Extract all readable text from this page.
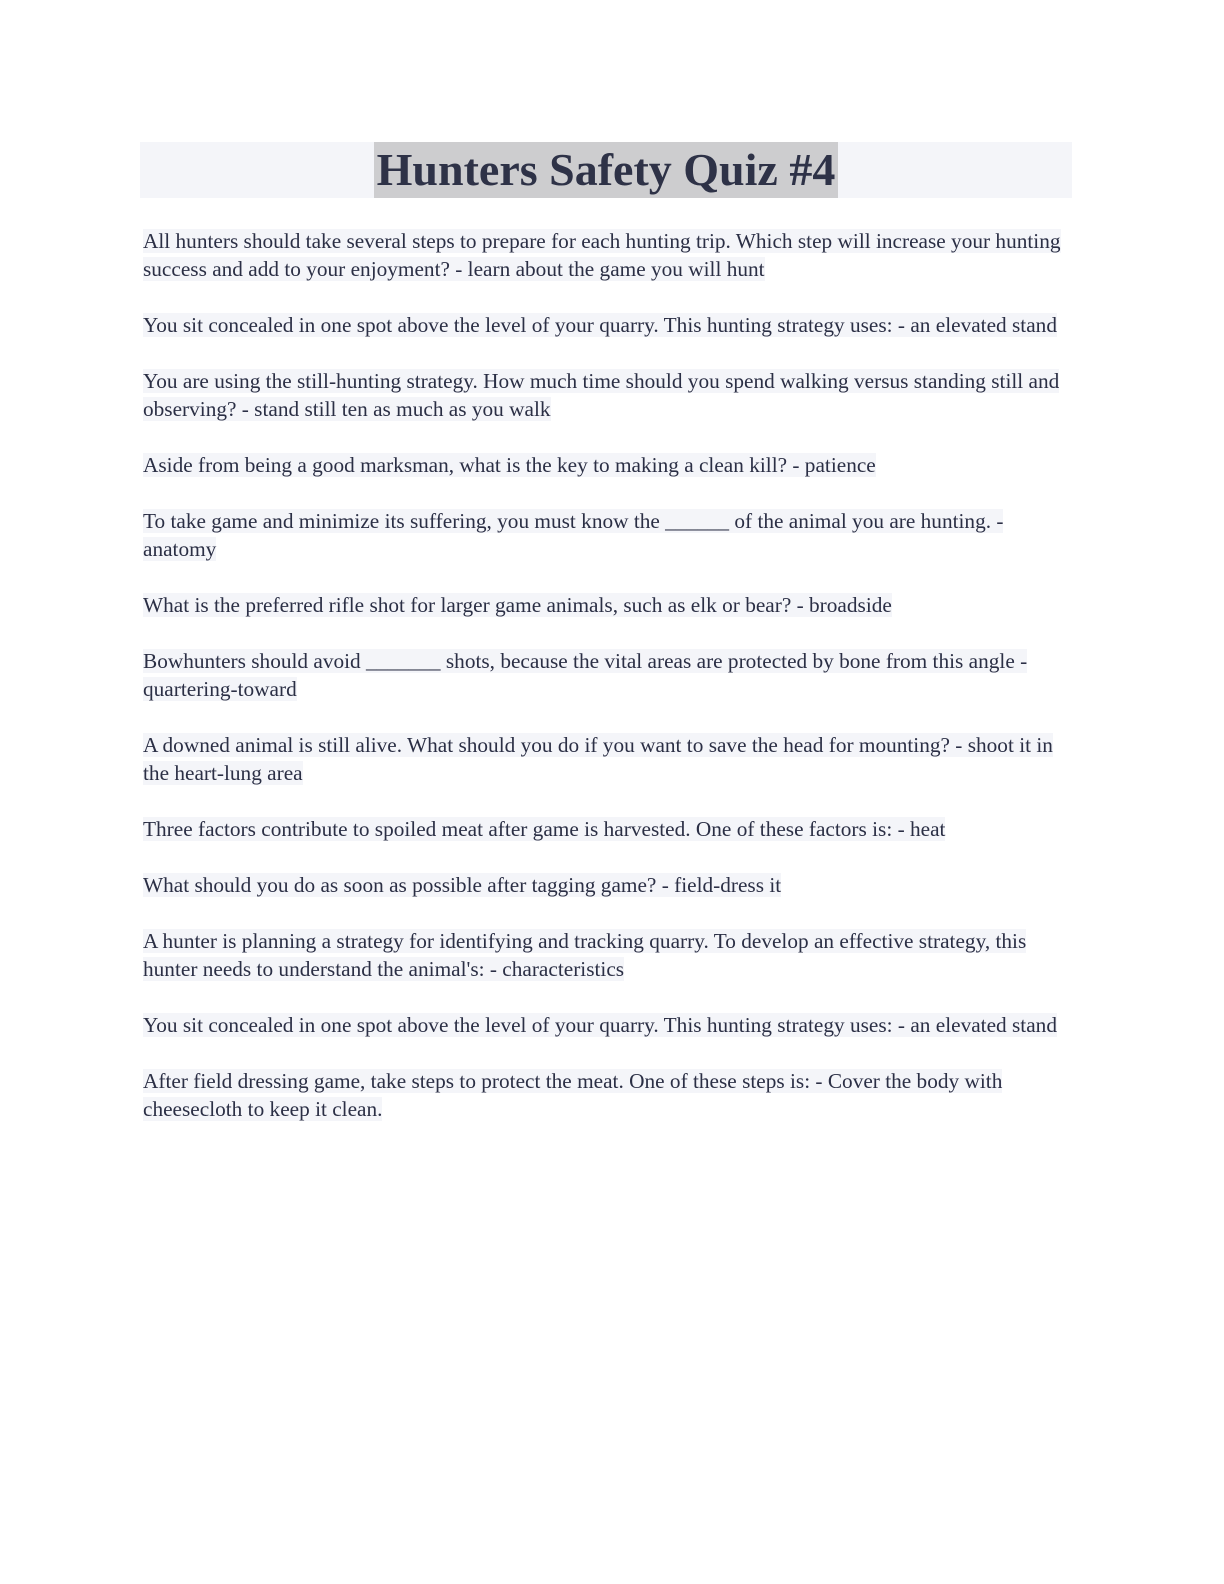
Hunters Safety Quiz #4

All hunters should take several steps to prepare for each hunting trip. Which step will increase your hunting success and add to your enjoyment? - learn about the game you will hunt

You sit concealed in one spot above the level of your quarry. This hunting strategy uses: - an elevated stand

You are using the still-hunting strategy. How much time should you spend walking versus standing still and observing? - stand still ten as much as you walk

Aside from being a good marksman, what is the key to making a clean kill? - patience

To take game and minimize its suffering, you must know the ______ of the animal you are hunting. - anatomy

What is the preferred rifle shot for larger game animals, such as elk or bear? - broadside

Bowhunters should avoid _______ shots, because the vital areas are protected by bone from this angle - quartering-toward

A downed animal is still alive. What should you do if you want to save the head for mounting? - shoot it in the heart-lung area

Three factors contribute to spoiled meat after game is harvested. One of these factors is: - heat

What should you do as soon as possible after tagging game? - field-dress it

A hunter is planning a strategy for identifying and tracking quarry. To develop an effective strategy, this hunter needs to understand the animal's: - characteristics

You sit concealed in one spot above the level of your quarry. This hunting strategy uses: - an elevated stand

After field dressing game, take steps to protect the meat. One of these steps is: - Cover the body with cheesecloth to keep it clean.
